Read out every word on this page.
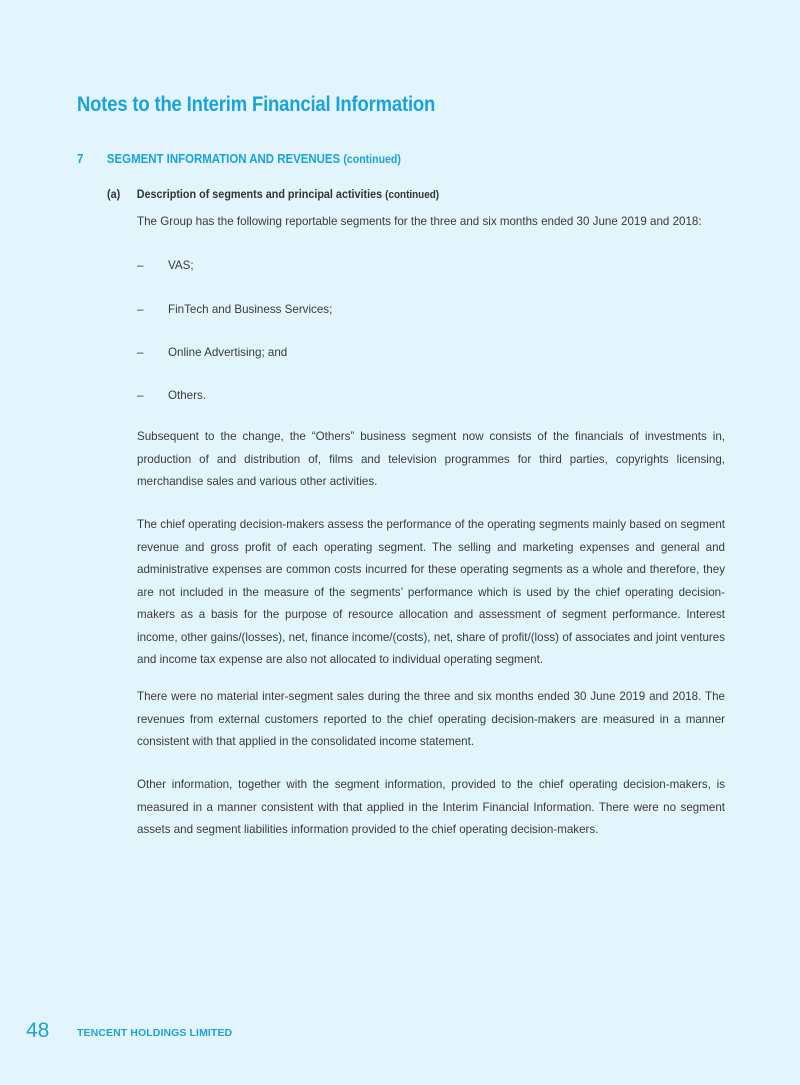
Notes to the Interim Financial Information
7 SEGMENT INFORMATION AND REVENUES (continued)
(a) Description of segments and principal activities (continued)

The Group has the following reportable segments for the three and six months ended 30 June 2019 and 2018:

– VAS;
– FinTech and Business Services;
– Online Advertising; and
– Others.

Subsequent to the change, the “Others” business segment now consists of the financials of investments in, production of and distribution of, films and television programmes for third parties, copyrights licensing, merchandise sales and various other activities.

The chief operating decision-makers assess the performance of the operating segments mainly based on segment revenue and gross profit of each operating segment. The selling and marketing expenses and general and administrative expenses are common costs incurred for these operating segments as a whole and therefore, they are not included in the measure of the segments’ performance which is used by the chief operating decision-makers as a basis for the purpose of resource allocation and assessment of segment performance. Interest income, other gains/(losses), net, finance income/(costs), net, share of profit/(loss) of associates and joint ventures and income tax expense are also not allocated to individual operating segment.

There were no material inter-segment sales during the three and six months ended 30 June 2019 and 2018. The revenues from external customers reported to the chief operating decision-makers are measured in a manner consistent with that applied in the consolidated income statement.

Other information, together with the segment information, provided to the chief operating decision-makers, is measured in a manner consistent with that applied in the Interim Financial Information. There were no segment assets and segment liabilities information provided to the chief operating decision-makers.

48	TENCENT HOLDINGS LIMITED
